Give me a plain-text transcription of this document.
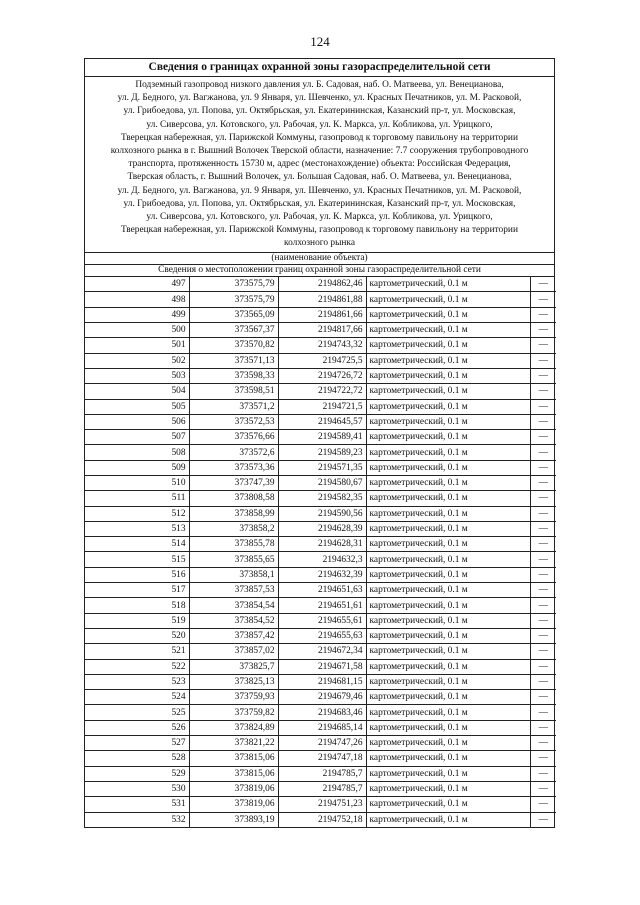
124
Сведения о границах охранной зоны газораспределительной сети
Подземный газопровод низкого давления ул. Б. Садовая, наб. О. Матвеева, ул. Венецианова,
ул. Д. Бедного, ул. Вагжанова, ул. 9 Января, ул. Шевченко, ул. Красных Печатников, ул. М. Расковой,
ул. Грибоедова, ул. Попова, ул. Октябрьская, ул. Екатерининская, Казанский пр-т, ул. Московская,
ул. Сиверсова, ул. Котовского, ул. Рабочая, ул. К. Маркса, ул. Кобликова, ул. Урицкого,
Тверецкая набережная, ул. Парижской Коммуны, газопровод к торговому павильону на территории
колхозного рынка в г. Вышний Волочек Тверской области, назначение: 7.7 сооружения трубопроводного
транспорта, протяженность 15730 м, адрес (местонахождение) объекта: Российская Федерация,
Тверская область, г. Вышний Волочек, ул. Большая Садовая, наб. О. Матвеева, ул. Венецианова,
ул. Д. Бедного, ул. Вагжанова, ул. 9 Января, ул. Шевченко, ул. Красных Печатников, ул. М. Расковой,
ул. Грибоедова, ул. Попова, ул. Октябрьская, ул. Екатерининская, Казанский пр-т, ул. Московская,
ул. Сиверсова, ул. Котовского, ул. Рабочая, ул. К. Маркса, ул. Кобликова, ул. Урицкого,
Тверецкая набережная, ул. Парижской Коммуны, газопровод к торговому павильону на территории
колхозного рынка
(наименование объекта)
Сведения о местоположении границ охранной зоны газораспределительной сети
497	373575,79	2194862,46	картометрический, 0.1 м	—
498	373575,79	2194861,88	картометрический, 0.1 м	—
499	373565,09	2194861,66	картометрический, 0.1 м	—
500	373567,37	2194817,66	картометрический, 0.1 м	—
501	373570,82	2194743,32	картометрический, 0.1 м	—
502	373571,13	2194725,5	картометрический, 0.1 м	—
503	373598,33	2194726,72	картометрический, 0.1 м	—
504	373598,51	2194722,72	картометрический, 0.1 м	—
505	373571,2	2194721,5	картометрический, 0.1 м	—
506	373572,53	2194645,57	картометрический, 0.1 м	—
507	373576,66	2194589,41	картометрический, 0.1 м	—
508	373572,6	2194589,23	картометрический, 0.1 м	—
509	373573,36	2194571,35	картометрический, 0.1 м	—
510	373747,39	2194580,67	картометрический, 0.1 м	—
511	373808,58	2194582,35	картометрический, 0.1 м	—
512	373858,99	2194590,56	картометрический, 0.1 м	—
513	373858,2	2194628,39	картометрический, 0.1 м	—
514	373855,78	2194628,31	картометрический, 0.1 м	—
515	373855,65	2194632,3	картометрический, 0.1 м	—
516	373858,1	2194632,39	картометрический, 0.1 м	—
517	373857,53	2194651,63	картометрический, 0.1 м	—
518	373854,54	2194651,61	картометрический, 0.1 м	—
519	373854,52	2194655,61	картометрический, 0.1 м	—
520	373857,42	2194655,63	картометрический, 0.1 м	—
521	373857,02	2194672,34	картометрический, 0.1 м	—
522	373825,7	2194671,58	картометрический, 0.1 м	—
523	373825,13	2194681,15	картометрический, 0.1 м	—
524	373759,93	2194679,46	картометрический, 0.1 м	—
525	373759,82	2194683,46	картометрический, 0.1 м	—
526	373824,89	2194685,14	картометрический, 0.1 м	—
527	373821,22	2194747,26	картометрический, 0.1 м	—
528	373815,06	2194747,18	картометрический, 0.1 м	—
529	373815,06	2194785,7	картометрический, 0.1 м	—
530	373819,06	2194785,7	картометрический, 0.1 м	—
531	373819,06	2194751,23	картометрический, 0.1 м	—
532	373893,19	2194752,18	картометрический, 0.1 м	—
